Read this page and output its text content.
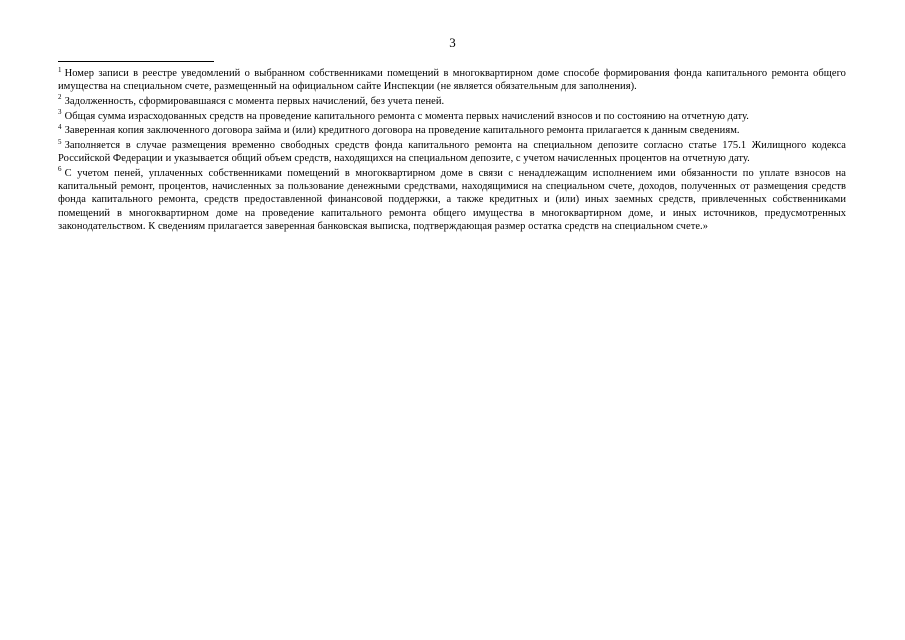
3

$^1$ Номер записи в реестре уведомлений о выбранном собственниками помещений в многоквартирном доме способе формирования фонда капитального ремонта общего имущества на специальном счете, размещенный на официальном сайте Инспекции (не является обязательным для заполнения).

$^2$ Задолженность, сформировавшаяся с момента первых начислений, без учета пеней.

$^3$ Общая сумма израсходованных средств на проведение капитального ремонта с момента первых начислений взносов и по состоянию на отчетную дату.

$^4$ Заверенная копия заключенного договора займа и (или) кредитного договора на проведение капитального ремонта прилагается к данным сведениям.

$^5$ Заполняется в случае размещения временно свободных средств фонда капитального ремонта на специальном депозите согласно статье 175.1 Жилищного кодекса Российской Федерации и указывается общий объем средств, находящихся на специальном депозите, с учетом начисленных процентов на отчетную дату.

$^6$ С учетом пеней, уплаченных собственниками помещений в многоквартирном доме в связи с ненадлежащим исполнением ими обязанности по уплате взносов на капитальный ремонт, процентов, начисленных за пользование денежными средствами, находящимися на специальном счете, доходов, полученных от размещения средств фонда капитального ремонта, средств предоставленной финансовой поддержки, а также кредитных и (или) иных заемных средств, привлеченных собственниками помещений в многоквартирном доме на проведение капитального ремонта общего имущества в многоквартирном доме, и иных источников, предусмотренных законодательством. К сведениям прилагается заверенная банковская выписка, подтверждающая размер остатка средств на специальном счете.»
